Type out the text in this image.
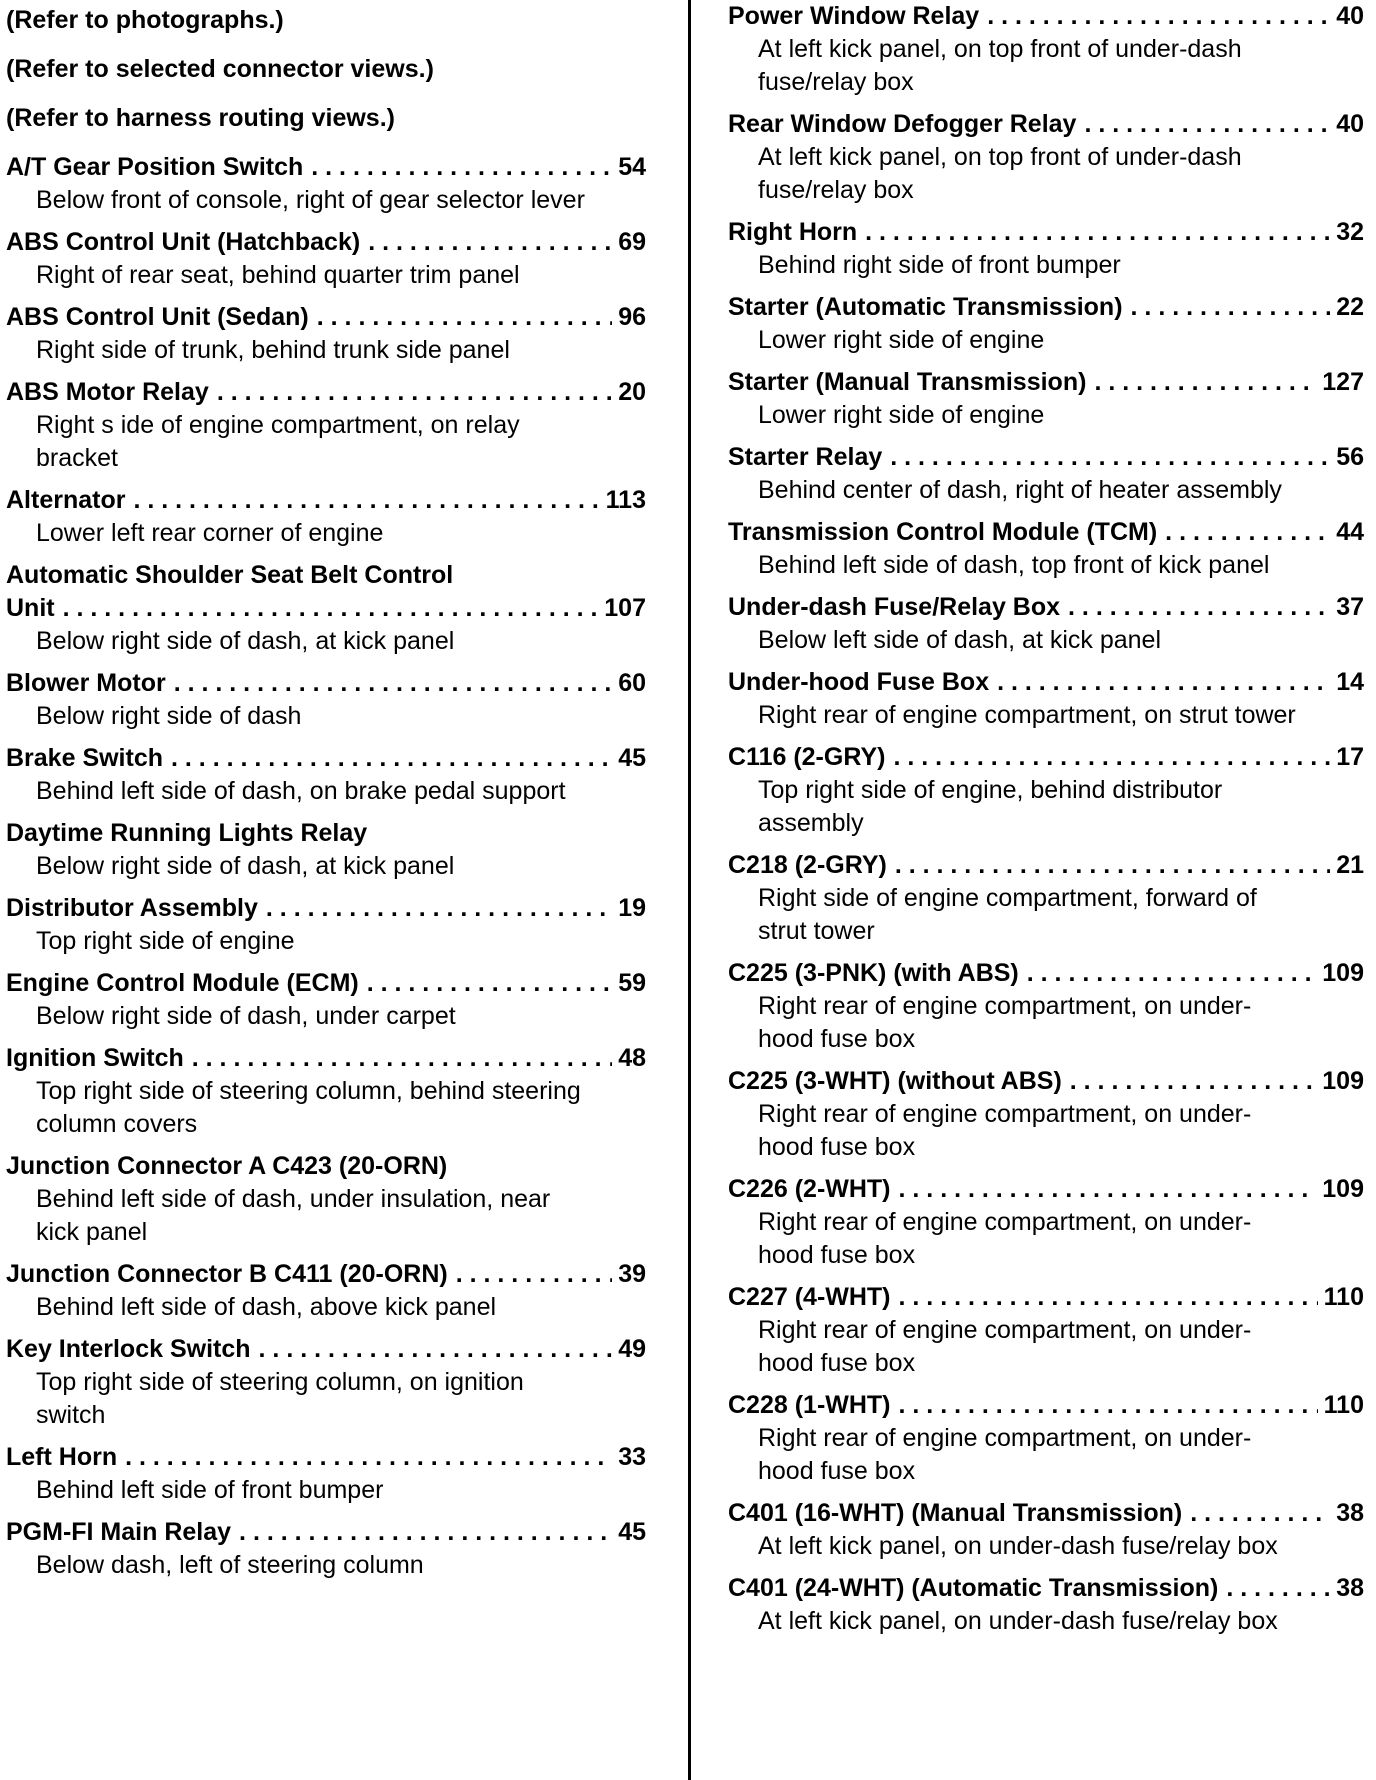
(Refer to photographs.)
(Refer to selected connector views.)
(Refer to harness routing views.)
A/T Gear Position Switch . . .	54
Below front of console, right of gear selector lever
ABS Control Unit (Hatchback) . . .	69
Right of rear seat, behind quarter trim panel
ABS Control Unit (Sedan) . . .	96
Right side of trunk, behind trunk side panel
ABS Motor Relay . . .	20
Right s ide of engine compartment, on relay bracket
Alternator . . .	113
Lower left rear corner of engine
Automatic Shoulder Seat Belt Control
Unit . . .	107
Below right side of dash, at kick panel
Blower Motor . . .	60
Below right side of dash
Brake Switch . . .	45
Behind left side of dash, on brake pedal support
Daytime Running Lights Relay
Below right side of dash, at kick panel
Distributor Assembly . . .	19
Top right side of engine
Engine Control Module (ECM) . . .	59
Below right side of dash, under carpet
Ignition Switch . . .	48
Top right side of steering column, behind steering column covers
Junction Connector A C423 (20-ORN)
Behind left side of dash, under insulation, near kick panel
Junction Connector B C411 (20-ORN) . . .	39
Behind left side of dash, above kick panel
Key Interlock Switch . . .	49
Top right side of steering column, on ignition switch
Left Horn . . .	33
Behind left side of front bumper
PGM-FI Main Relay . . .	45
Below dash, left of steering column
Power Window Relay . . .	40
At left kick panel, on top front of under-dash fuse/relay box
Rear Window Defogger Relay . . .	40
At left kick panel, on top front of under-dash fuse/relay box
Right Horn . . .	32
Behind right side of front bumper
Starter (Automatic Transmission) . . .	22
Lower right side of engine
Starter (Manual Transmission) . . .	127
Lower right side of engine
Starter Relay . . .	56
Behind center of dash, right of heater assembly
Transmission Control Module (TCM) . . .	44
Behind left side of dash, top front of kick panel
Under-dash Fuse/Relay Box . . .	37
Below left side of dash, at kick panel
Under-hood Fuse Box . . .	14
Right rear of engine compartment, on strut tower
C116 (2-GRY) . . .	17
Top right side of engine, behind distributor assembly
C218 (2-GRY) . . .	21
Right side of engine compartment, forward of strut tower
C225 (3-PNK) (with ABS) . . .	109
Right rear of engine compartment, on under-hood fuse box
C225 (3-WHT) (without ABS) . . .	109
Right rear of engine compartment, on under-hood fuse box
C226 (2-WHT) . . .	109
Right rear of engine compartment, on under-hood fuse box
C227 (4-WHT) . . .	110
Right rear of engine compartment, on under-hood fuse box
C228 (1-WHT) . . .	110
Right rear of engine compartment, on under-hood fuse box
C401 (16-WHT) (Manual Transmission) . . .	38
At left kick panel, on under-dash fuse/relay box
C401 (24-WHT) (Automatic Transmission) . . .	38
At left kick panel, on under-dash fuse/relay box
